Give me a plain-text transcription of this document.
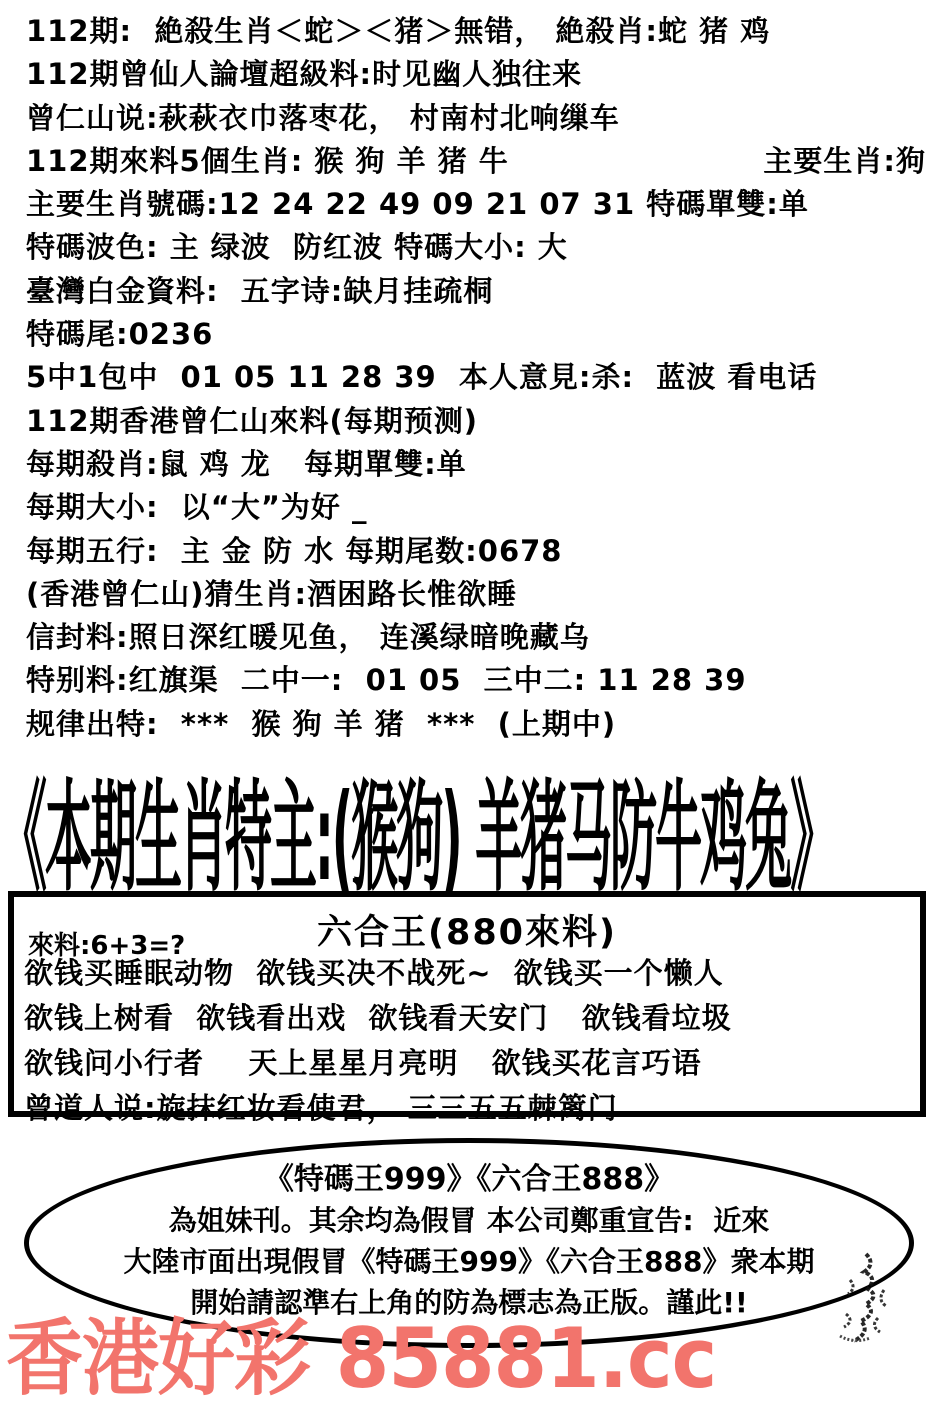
112期:  絶殺生肖＜蛇＞＜猪＞無错， 絶殺肖:蛇 猪 鸡
112期曾仙人論壇超級料:时见幽人独往来
曾仁山说:萩萩衣巾落枣花， 村南村北响缫车
112期來料5個生肖: 猴 狗 羊 猪 牛	主要生肖:狗
主要生肖號碼:12 24 22 49 09 21 07 31 特碼單雙:单
特碼波色: 主 绿波  防红波 特碼大小: 大
臺灣白金資料:  五字诗:缺月挂疏桐
特碼尾:0236
5中1包中  01 05 11 28 39  本人意見:杀:  蓝波 看电话
112期香港曾仁山來料(每期预测)
每期殺肖:鼠 鸡 龙   每期單雙:单
每期大小:  以“大”为好 _
每期五行:  主 金 防 水 每期尾数:0678
(香港曾仁山)猜生肖:酒困路长惟欲睡
信封料:照日深红暖见鱼， 连溪绿暗晚藏乌
特别料:红旗渠  二中一:  01 05  三中二: 11 28 39
规律出特:  ***  猴 狗 羊 猪  ***  (上期中)
《本期生肖特主:(猴狗) 羊猪马防牛鸡兔》
六合王(880來料)
來料:6+3=?
欲钱买睡眠动物  欲钱买决不战死~  欲钱买一个懒人
欲钱上树看  欲钱看出戏  欲钱看天安门   欲钱看垃圾
欲钱问小行者    天上星星月亮明   欲钱买花言巧语
曾道人说:旋抹红妆看使君， 三三五五棘篱门
《特碼王999》《六合王888》
為姐妹刊。其余均為假冒 本公司鄭重宣告:  近來
大陸市面出現假冒《特碼王999》《六合王888》衆本期
開始請認準右上角的防為標志為正版。謹此!!
香港好彩 85881.cc
